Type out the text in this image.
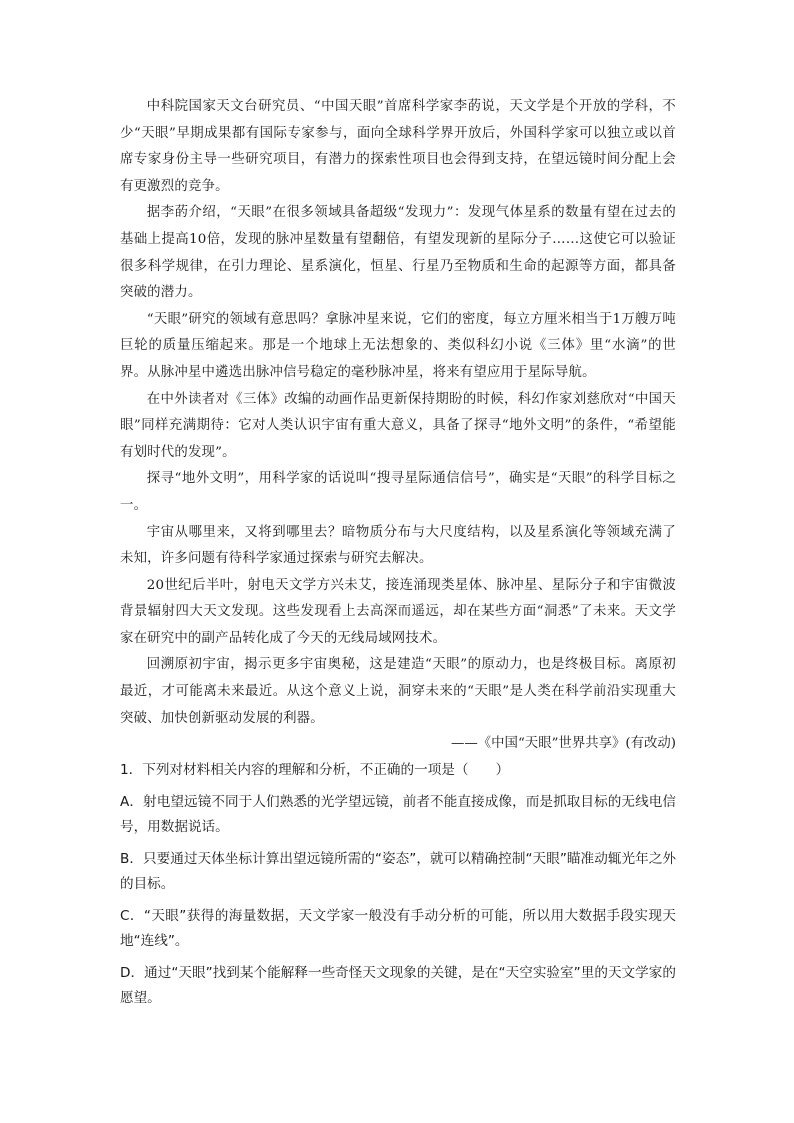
中科院国家天文台研究员、“中国天眼”首席科学家李菂说，天文学是个开放的学科，不少“天眼”早期成果都有国际专家参与，面向全球科学界开放后，外国科学家可以独立或以首席专家身份主导一些研究项目，有潜力的探索性项目也会得到支持，在望远镜时间分配上会有更激烈的竞争。

据李菂介绍，“天眼”在很多领域具备超级“发现力”：发现气体星系的数量有望在过去的基础上提高10倍，发现的脉冲星数量有望翻倍，有望发现新的星际分子……这使它可以验证很多科学规律，在引力理论、星系演化，恒星、行星乃至物质和生命的起源等方面，都具备突破的潜力。

“天眼”研究的领域有意思吗？拿脉冲星来说，它们的密度，每立方厘米相当于1万艘万吨巨轮的质量压缩起来。那是一个地球上无法想象的、类似科幻小说《三体》里“水滴”的世界。从脉冲星中遴选出脉冲信号稳定的毫秒脉冲星，将来有望应用于星际导航。

在中外读者对《三体》改编的动画作品更新保持期盼的时候，科幻作家刘慈欣对“中国天眼”同样充满期待：它对人类认识宇宙有重大意义，具备了探寻“地外文明”的条件，“希望能有划时代的发现”。

探寻“地外文明”，用科学家的话说叫“搜寻星际通信信号”，确实是“天眼”的科学目标之一。

宇宙从哪里来，又将到哪里去？暗物质分布与大尺度结构，以及星系演化等领域充满了未知，许多问题有待科学家通过探索与研究去解决。

20世纪后半叶，射电天文学方兴未艾，接连涌现类星体、脉冲星、星际分子和宇宙微波背景辐射四大天文发现。这些发现看上去高深而遥远，却在某些方面“洞悉”了未来。天文学家在研究中的副产品转化成了今天的无线局域网技术。

回溯原初宇宙，揭示更多宇宙奥秘，这是建造“天眼”的原动力，也是终极目标。离原初最近，才可能离未来最近。从这个意义上说，洞穿未来的“天眼”是人类在科学前沿实现重大突破、加快创新驱动发展的利器。

——《中国“天眼”世界共享》(有改动)
1．下列对材料相关内容的理解和分析，不正确的一项是（　　）
A．射电望远镜不同于人们熟悉的光学望远镜，前者不能直接成像，而是抓取目标的无线电信号，用数据说话。
B．只要通过天体坐标计算出望远镜所需的“姿态”，就可以精确控制“天眼”瞄准动辄光年之外的目标。
C．“天眼”获得的海量数据，天文学家一般没有手动分析的可能，所以用大数据手段实现天地“连线”。
D．通过“天眼”找到某个能解释一些奇怪天文现象的关键，是在“天空实验室”里的天文学家的愿望。
